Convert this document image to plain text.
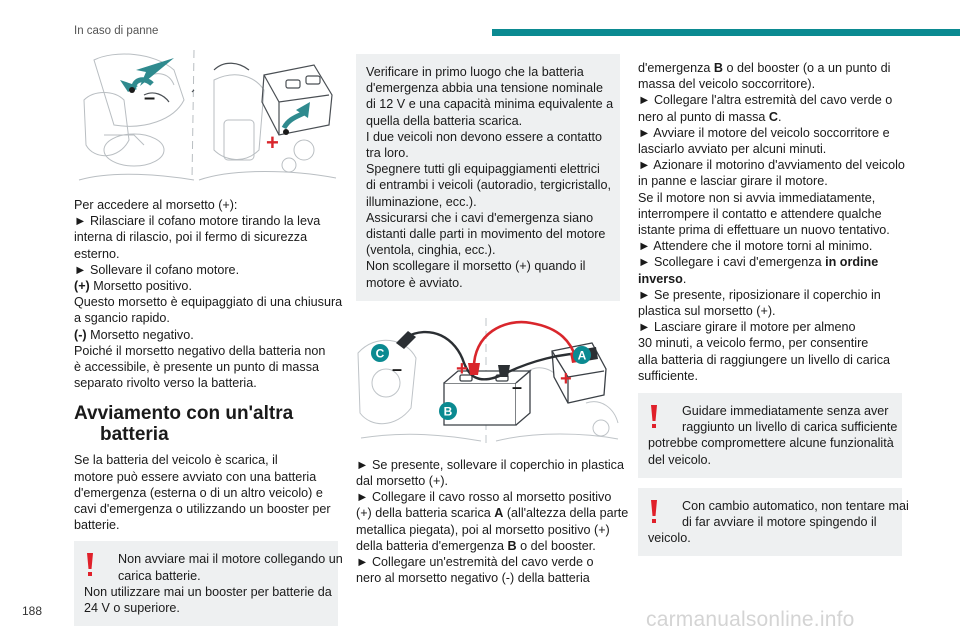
In caso di panne
–
+
Per accedere al morsetto (+):
► Rilasciare il cofano motore tirando la leva
interna di rilascio, poi il fermo di sicurezza
esterno.
► Sollevare il cofano motore.
(+) Morsetto positivo.
Questo morsetto è equipaggiato di una chiusura
a sgancio rapido.
(-) Morsetto negativo.
Poiché il morsetto negativo della batteria non
è accessibile, è presente un punto di massa
separato rivolto verso la batteria.
Avviamento con un'altra
batteria
Se la batteria del veicolo è scarica, il
motore può essere avviato con una batteria
d'emergenza (esterna o di un altro veicolo) e
cavi d'emergenza o utilizzando un booster per
batterie.
Non avviare mai il motore collegando un
carica batterie.
Non utilizzare mai un booster per batterie da
24 V o superiore.
Verificare in primo luogo che la batteria
d'emergenza abbia una tensione nominale
di 12 V e una capacità minima equivalente a
quella della batteria scarica.
I due veicoli non devono essere a contatto
tra loro.
Spegnere tutti gli equipaggiamenti elettrici
di entrambi i veicoli (autoradio, tergicristallo,
illuminazione, ecc.).
Assicurarsi che i cavi d'emergenza siano
distanti dalle parti in movimento del motore
(ventola, cinghia, ecc.).
Non scollegare il morsetto (+) quando il
motore è avviato.
C	A
B
+	+
–
–
► Se presente, sollevare il coperchio in plastica
dal morsetto (+).
► Collegare il cavo rosso al morsetto positivo
(+) della batteria scarica A (all'altezza della parte
metallica piegata), poi al morsetto positivo (+)
della batteria d'emergenza B o del booster.
► Collegare un'estremità del cavo verde o
nero al morsetto negativo (-) della batteria
d'emergenza B o del booster (o a un punto di
massa del veicolo soccorritore).
► Collegare l'altra estremità del cavo verde o
nero al punto di massa C.
► Avviare il motore del veicolo soccorritore e
lasciarlo avviato per alcuni minuti.
► Azionare il motorino d'avviamento del veicolo
in panne e lasciar girare il motore.
Se il motore non si avvia immediatamente,
interrompere il contatto e attendere qualche
istante prima di effettuare un nuovo tentativo.
► Attendere che il motore torni al minimo.
► Scollegare i cavi d'emergenza in ordine
inverso.
► Se presente, riposizionare il coperchio in
plastica sul morsetto (+).
► Lasciare girare il motore per almeno
30 minuti, a veicolo fermo, per consentire
alla batteria di raggiungere un livello di carica
sufficiente.
Guidare immediatamente senza aver
raggiunto un livello di carica sufficiente
potrebbe compromettere alcune funzionalità
del veicolo.
Con cambio automatico, non tentare mai
di far avviare il motore spingendo il
veicolo.
188	carmanualsonline.info
